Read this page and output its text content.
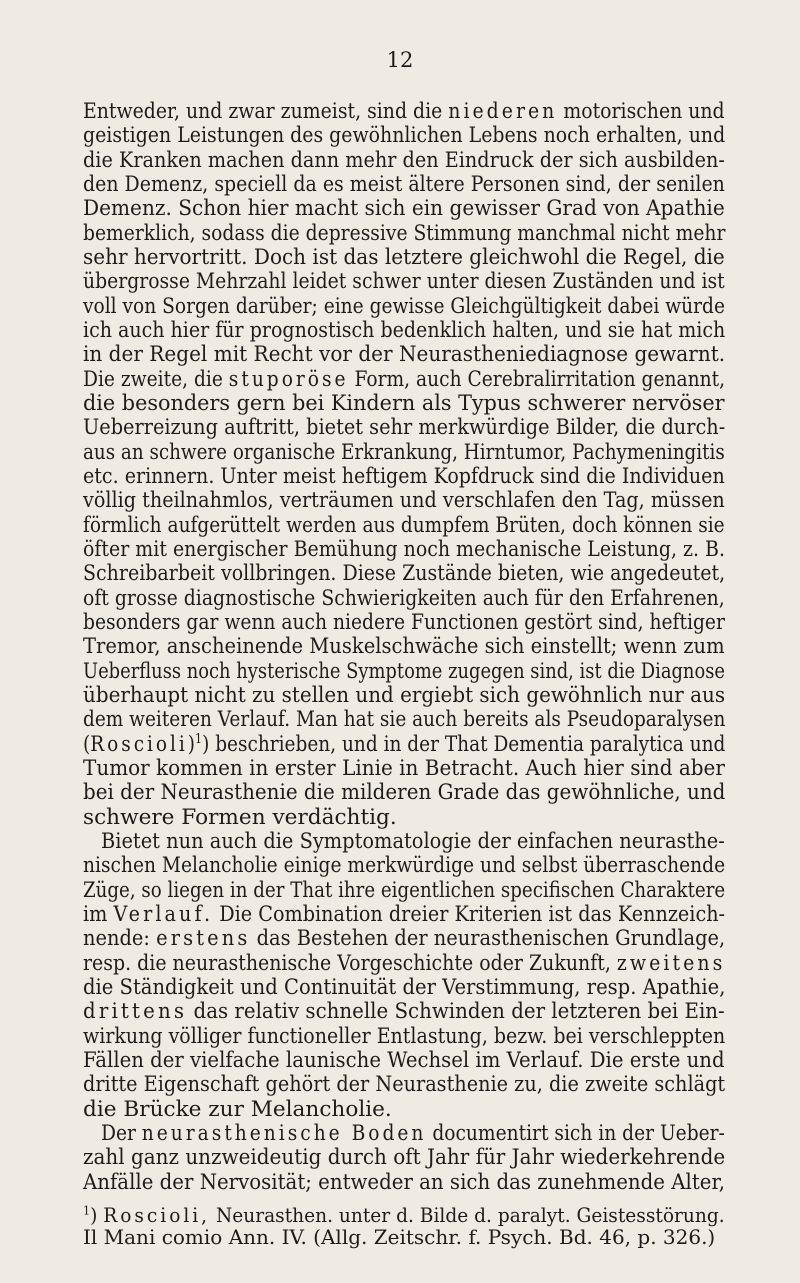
12
Entweder, und zwar zumeist, sind die niederen motorischen und
geistigen Leistungen des gewöhnlichen Lebens noch erhalten, und
die Kranken machen dann mehr den Eindruck der sich ausbilden-
den Demenz, speciell da es meist ältere Personen sind, der senilen
Demenz. Schon hier macht sich ein gewisser Grad von Apathie
bemerklich, sodass die depressive Stimmung manchmal nicht mehr
sehr hervortritt. Doch ist das letztere gleichwohl die Regel, die
übergrosse Mehrzahl leidet schwer unter diesen Zuständen und ist
voll von Sorgen darüber; eine gewisse Gleichgültigkeit dabei würde
ich auch hier für prognostisch bedenklich halten, und sie hat mich
in der Regel mit Recht vor der Neurastheniediagnose gewarnt.
Die zweite, die stuporöse Form, auch Cerebralirritation genannt,
die besonders gern bei Kindern als Typus schwerer nervöser
Ueberreizung auftritt, bietet sehr merkwürdige Bilder, die durch-
aus an schwere organische Erkrankung, Hirntumor, Pachymeningitis
etc. erinnern. Unter meist heftigem Kopfdruck sind die Individuen
völlig theilnahmlos, verträumen und verschlafen den Tag, müssen
förmlich aufgerüttelt werden aus dumpfem Brüten, doch können sie
öfter mit energischer Bemühung noch mechanische Leistung, z. B.
Schreibarbeit vollbringen. Diese Zustände bieten, wie angedeutet,
oft grosse diagnostische Schwierigkeiten auch für den Erfahrenen,
besonders gar wenn auch niedere Functionen gestört sind, heftiger
Tremor, anscheinende Muskelschwäche sich einstellt; wenn zum
Ueberfluss noch hysterische Symptome zugegen sind, ist die Diagnose
überhaupt nicht zu stellen und ergiebt sich gewöhnlich nur aus
dem weiteren Verlauf. Man hat sie auch bereits als Pseudoparalysen
(Roscioli)$^1$) beschrieben, und in der That Dementia paralytica und
Tumor kommen in erster Linie in Betracht. Auch hier sind aber
bei der Neurasthenie die milderen Grade das gewöhnliche, und
schwere Formen verdächtig.
Bietet nun auch die Symptomatologie der einfachen neurasthe-
nischen Melancholie einige merkwürdige und selbst überraschende
Züge, so liegen in der That ihre eigentlichen specifischen Charaktere
im Verlauf. Die Combination dreier Kriterien ist das Kennzeich-
nende: erstens das Bestehen der neurasthenischen Grundlage,
resp. die neurasthenische Vorgeschichte oder Zukunft, zweitens
die Ständigkeit und Continuität der Verstimmung, resp. Apathie,
drittens das relativ schnelle Schwinden der letzteren bei Ein-
wirkung völliger functioneller Entlastung, bezw. bei verschleppten
Fällen der vielfache launische Wechsel im Verlauf. Die erste und
dritte Eigenschaft gehört der Neurasthenie zu, die zweite schlägt
die Brücke zur Melancholie.
Der neurasthenische Boden documentirt sich in der Ueber-
zahl ganz unzweideutig durch oft Jahr für Jahr wiederkehrende
Anfälle der Nervosität; entweder an sich das zunehmende Alter,
$^1$) Roscioli, Neurasthen. unter d. Bilde d. paralyt. Geistesstörung.
Il Mani comio Ann. IV. (Allg. Zeitschr. f. Psych. Bd. 46, p. 326.)
